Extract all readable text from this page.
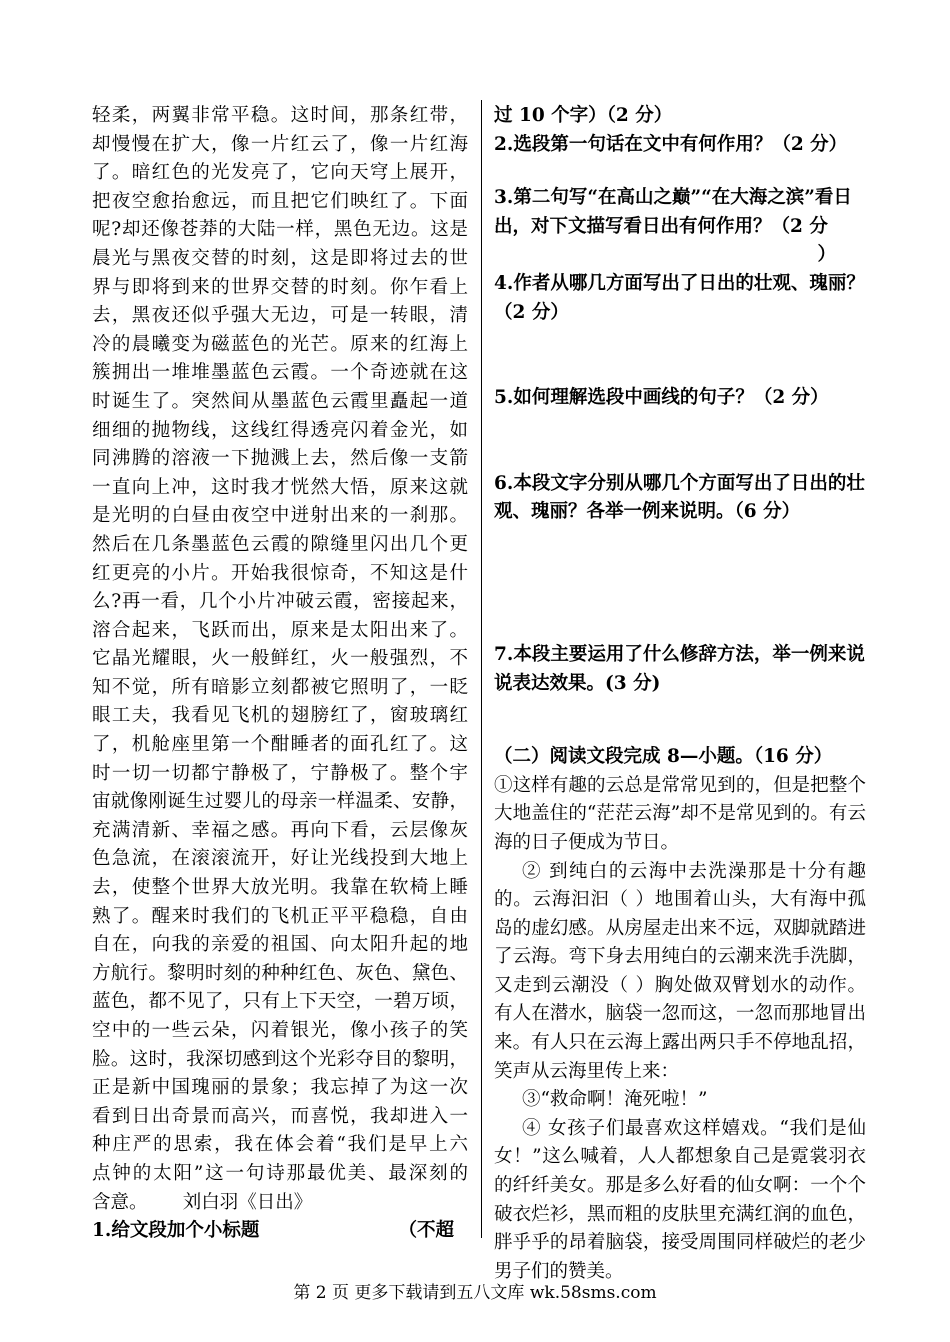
轻柔，两翼非常平稳。这时间，那条红带，

却慢慢在扩大，像一片红云了，像一片红海

了。暗红色的光发亮了，它向天穹上展开，

把夜空愈抬愈远，而且把它们映红了。下面

呢?却还像苍莽的大陆一样，黑色无边。这是

晨光与黑夜交替的时刻，这是即将过去的世

界与即将到来的世界交替的时刻。你乍看上

去，黑夜还似乎强大无边，可是一转眼，清

冷的晨曦变为磁蓝色的光芒。原来的红海上

簇拥出一堆堆墨蓝色云霞。一个奇迹就在这

时诞生了。突然间从墨蓝色云霞里矗起一道

细细的抛物线，这线红得透亮闪着金光，如

同沸腾的溶液一下抛溅上去，然后像一支箭

一直向上冲，这时我才恍然大悟，原来这就

是光明的白昼由夜空中迸射出来的一刹那。

然后在几条墨蓝色云霞的隙缝里闪出几个更

红更亮的小片。开始我很惊奇，不知这是什

么?再一看，几个小片冲破云霞，密接起来，

溶合起来，飞跃而出，原来是太阳出来了。

它晶光耀眼，火一般鲜红，火一般强烈，不

知不觉，所有暗影立刻都被它照明了，一眨

眼工夫，我看见飞机的翅膀红了，窗玻璃红

了，机舱座里第一个酣睡者的面孔红了。这

时一切一切都宁静极了，宁静极了。整个宇

宙就像刚诞生过婴儿的母亲一样温柔、安静，

充满清新、幸福之感。再向下看，云层像灰

色急流，在滚滚流开，好让光线投到大地上

去，使整个世界大放光明。我靠在软椅上睡

熟了。醒来时我们的飞机正平平稳稳，自由

自在，向我的亲爱的祖国、向太阳升起的地

方航行。黎明时刻的种种红色、灰色、黛色、

蓝色，都不见了，只有上下天空，一碧万顷，

空中的一些云朵，闪着银光，像小孩子的笑

脸。这时，我深切感到这个光彩夺目的黎明，

正是新中国瑰丽的景象；我忘掉了为这一次

看到日出奇景而高兴，而喜悦，我却进入一

种庄严的思索，我在体会着“我们是早上六

点钟的太阳”这一句诗那最优美、最深刻的

含意。      刘白羽《日出》

1.给文段加个小标题	（不超

过 10 个字）（2 分）

2.选段第一句话在文中有何作用？（2 分）

3.第二句写“在高山之巅”“在大海之滨”看日出，对下文描写看日出有何作用？（2 分

）

4.作者从哪几方面写出了日出的壮观、瑰丽？（2 分）

5.如何理解选段中画线的句子？（2 分）

6.本段文字分别从哪几个方面写出了日出的壮观、瑰丽？各举一例来说明。（6 分）

7.本段主要运用了什么修辞方法，举一例来说说表达效果。(3 分)

（二）阅读文段完成 8—小题。（16 分）

①这样有趣的云总是常常见到的，但是把整个大地盖住的“茫茫云海”却不是常见到的。有云海的日子便成为节日。

② 到纯白的云海中去洗澡那是十分有趣的。云海汩汩（ ）地围着山头，大有海中孤岛的虚幻感。从房屋走出来不远，双脚就踏进了云海。弯下身去用纯白的云潮来洗手洗脚，又走到云潮没（ ）胸处做双臂划水的动作。有人在潜水，脑袋一忽而这，一忽而那地冒出来。有人只在云海上露出两只手不停地乱招，笑声从云海里传上来：

③“救命啊！淹死啦！”

④ 女孩子们最喜欢这样嬉戏。“我们是仙女！”这么喊着，人人都想象自己是霓裳羽衣的纤纤美女。那是多么好看的仙女啊：一个个破衣烂衫，黑而粗的皮肤里充满红润的血色，胖乎乎的昂着脑袋，接受周围同样破烂的老少男子们的赞美。

第 2 页 更多下载请到五八文库 wk.58sms.com
